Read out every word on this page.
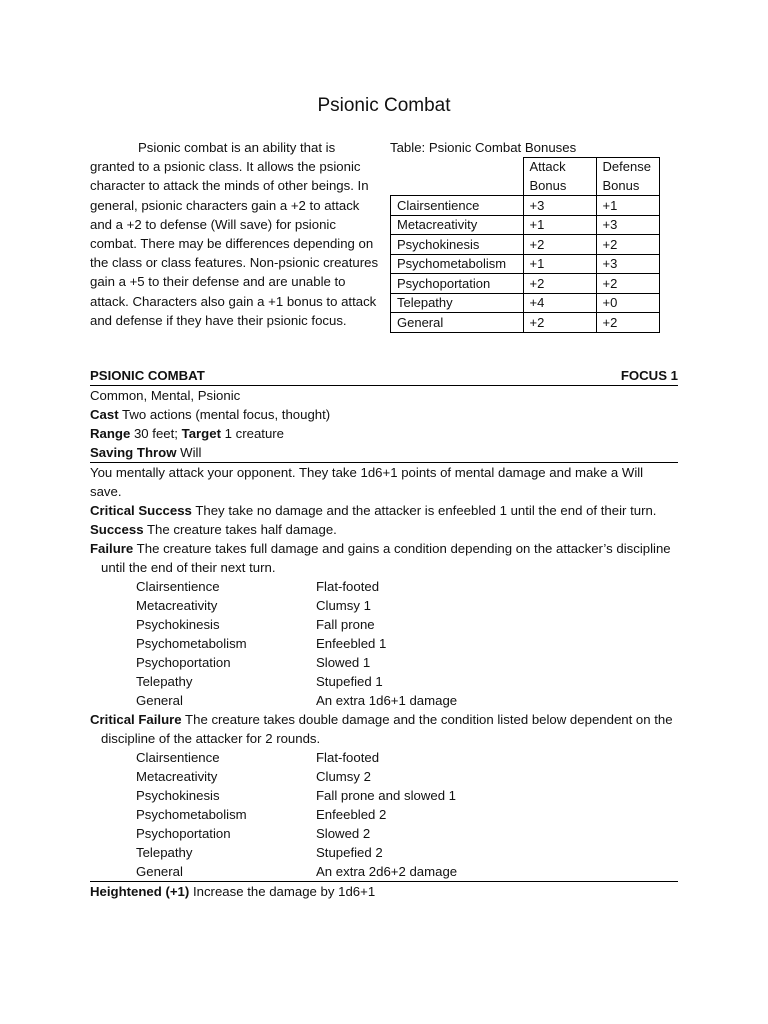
Psionic Combat

Psionic combat is an ability that is granted to a psionic class. It allows the psionic character to attack the minds of other beings. In general, psionic characters gain a +2 to attack and a +2 to defense (Will save) for psionic combat. There may be differences depending on the class or class features. Non-psionic creatures gain a +5 to their defense and are unable to attack. Characters also gain a +1 bonus to attack and defense if they have their psionic focus.

Table: Psionic Combat Bonuses
	Attack Bonus	Defense Bonus
Clairsentience	+3	+1
Metacreativity	+1	+3
Psychokinesis	+2	+2
Psychometabolism	+1	+3
Psychoportation	+2	+2
Telepathy	+4	+0
General	+2	+2
PSIONIC COMBAT	FOCUS 1

Common, Mental, Psionic

Cast Two actions (mental focus, thought)

Range 30 feet; Target 1 creature

Saving Throw Will

You mentally attack your opponent. They take 1d6+1 points of mental damage and make a Will save.

Critical Success They take no damage and the attacker is enfeebled 1 until the end of their turn.

Success The creature takes half damage.

Failure The creature takes full damage and gains a condition depending on the attacker’s discipline until the end of their next turn.

Clairsentience	Flat-footed
Metacreativity	Clumsy 1
Psychokinesis	Fall prone
Psychometabolism	Enfeebled 1
Psychoportation	Slowed 1
Telepathy	Stupefied 1
General	An extra 1d6+1 damage

Critical Failure The creature takes double damage and the condition listed below dependent on the discipline of the attacker for 2 rounds.

Clairsentience	Flat-footed
Metacreativity	Clumsy 2
Psychokinesis	Fall prone and slowed 1
Psychometabolism	Enfeebled 2
Psychoportation	Slowed 2
Telepathy	Stupefied 2
General	An extra 2d6+2 damage

Heightened (+1) Increase the damage by 1d6+1
